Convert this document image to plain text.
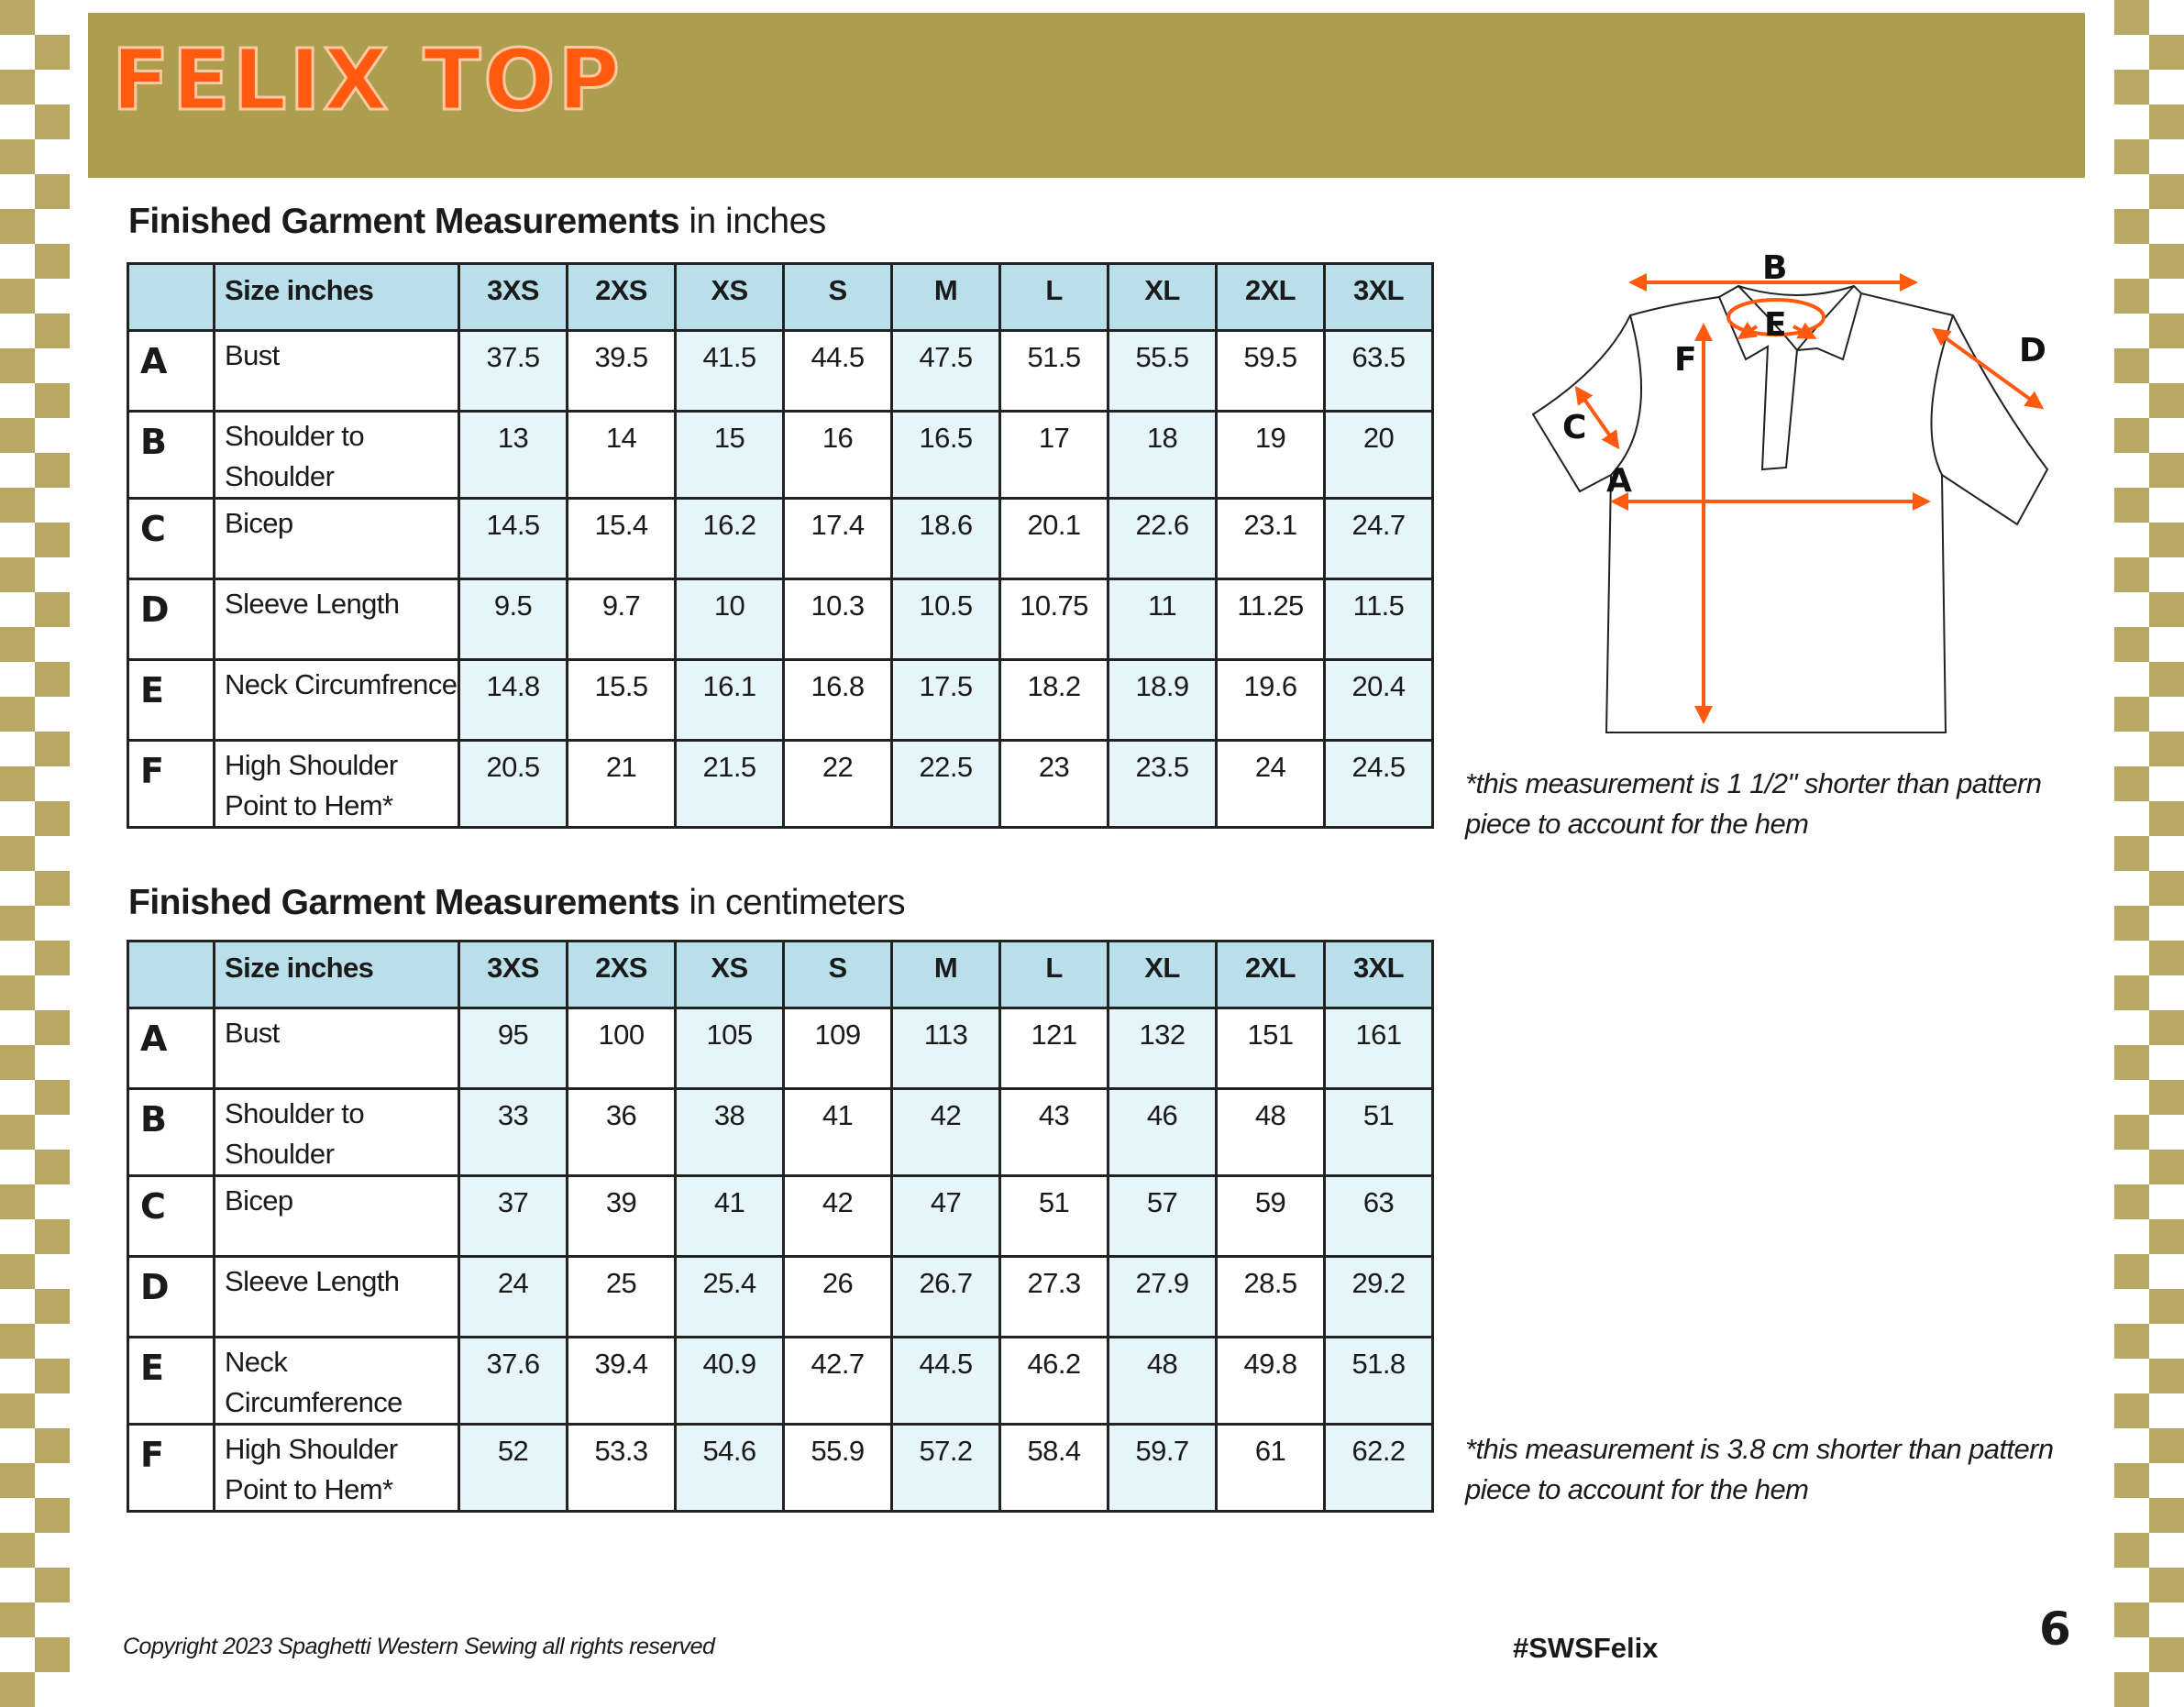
FELIX TOP
Finished Garment Measurements in inches
	Size inches	3XS	2XS	XS	S	M	L	XL	2XL	3XL
A	Bust	37.5	39.5	41.5	44.5	47.5	51.5	55.5	59.5	63.5
B	Shoulder to Shoulder	13	14	15	16	16.5	17	18	19	20
C	Bicep	14.5	15.4	16.2	17.4	18.6	20.1	22.6	23.1	24.7
D	Sleeve Length	9.5	9.7	10	10.3	10.5	10.75	11	11.25	11.5
E	Neck Circumfrence	14.8	15.5	16.1	16.8	17.5	18.2	18.9	19.6	20.4
F	High Shoulder Point to Hem*	20.5	21	21.5	22	22.5	23	23.5	24	24.5
B
E
F	D
C
A

*this measurement is 1 1/2" shorter than pattern piece to account for the hem

Finished Garment Measurements in centimeters
	Size inches	3XS	2XS	XS	S	M	L	XL	2XL	3XL
A	Bust	95	100	105	109	113	121	132	151	161
B	Shoulder to Shoulder	33	36	38	41	42	43	46	48	51
C	Bicep	37	39	41	42	47	51	57	59	63
D	Sleeve Length	24	25	25.4	26	26.7	27.3	27.9	28.5	29.2
E	Neck Circumference	37.6	39.4	40.9	42.7	44.5	46.2	48	49.8	51.8
F	High Shoulder Point to Hem*	52	53.3	54.6	55.9	57.2	58.4	59.7	61	62.2 *this measurement is 3.8 cm shorter than pattern piece to account for the hem

Copyright 2023 Spaghetti Western Sewing all rights reserved	#SWSFelix	6
